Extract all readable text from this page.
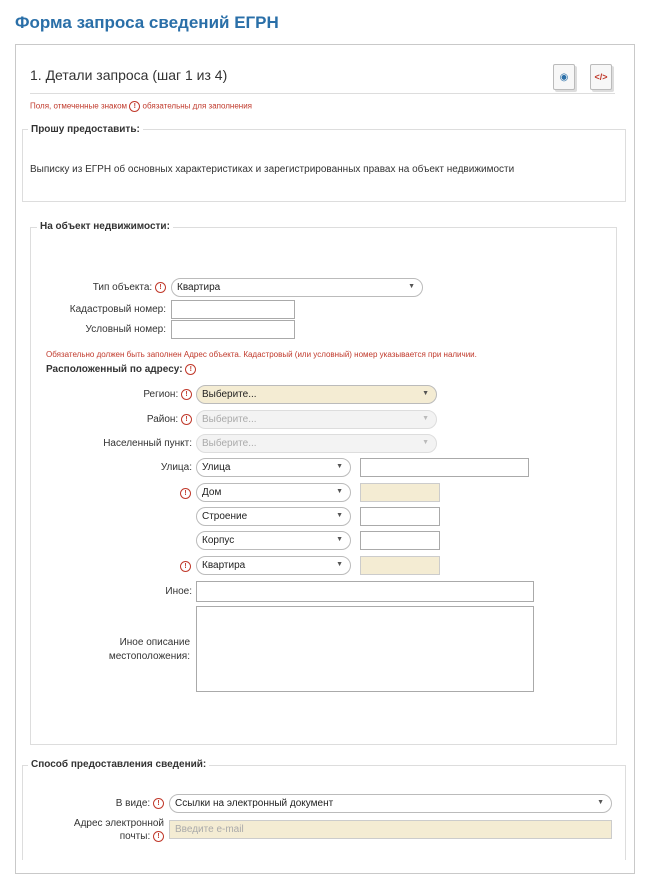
Форма запроса сведений ЕГРН
1. Детали запроса (шаг 1 из 4)	◉	</>
Поля, отмеченные знаком ! обязательны для заполнения
Прошу предоставить:
Выписку из ЕГРН об основных характеристиках и зарегистрированных правах на объект недвижимости
На объект недвижимости:
Тип объекта: !	Квартира	▼
Кадастровый номер:
Условный номер:
Обязательно должен быть заполнен Адрес объекта. Кадастровый (или условный) номер указывается при наличии.
Расположенный по адресу: !
Регион: !	Выберите...	▼
Район: !	Выберите...	▼
Населенный пункт:	Выберите...	▼
Улица:	Улица	▼
!	Дом	▼
Строение	▼
Корпус	▼
!	Квартира	▼
Иное:
Иное описание
местоположения:
Способ предоставления сведений:
В виде: !	Ссылки на электронный документ	▼
Адрес электронной
почты: !
Введите e-mail
